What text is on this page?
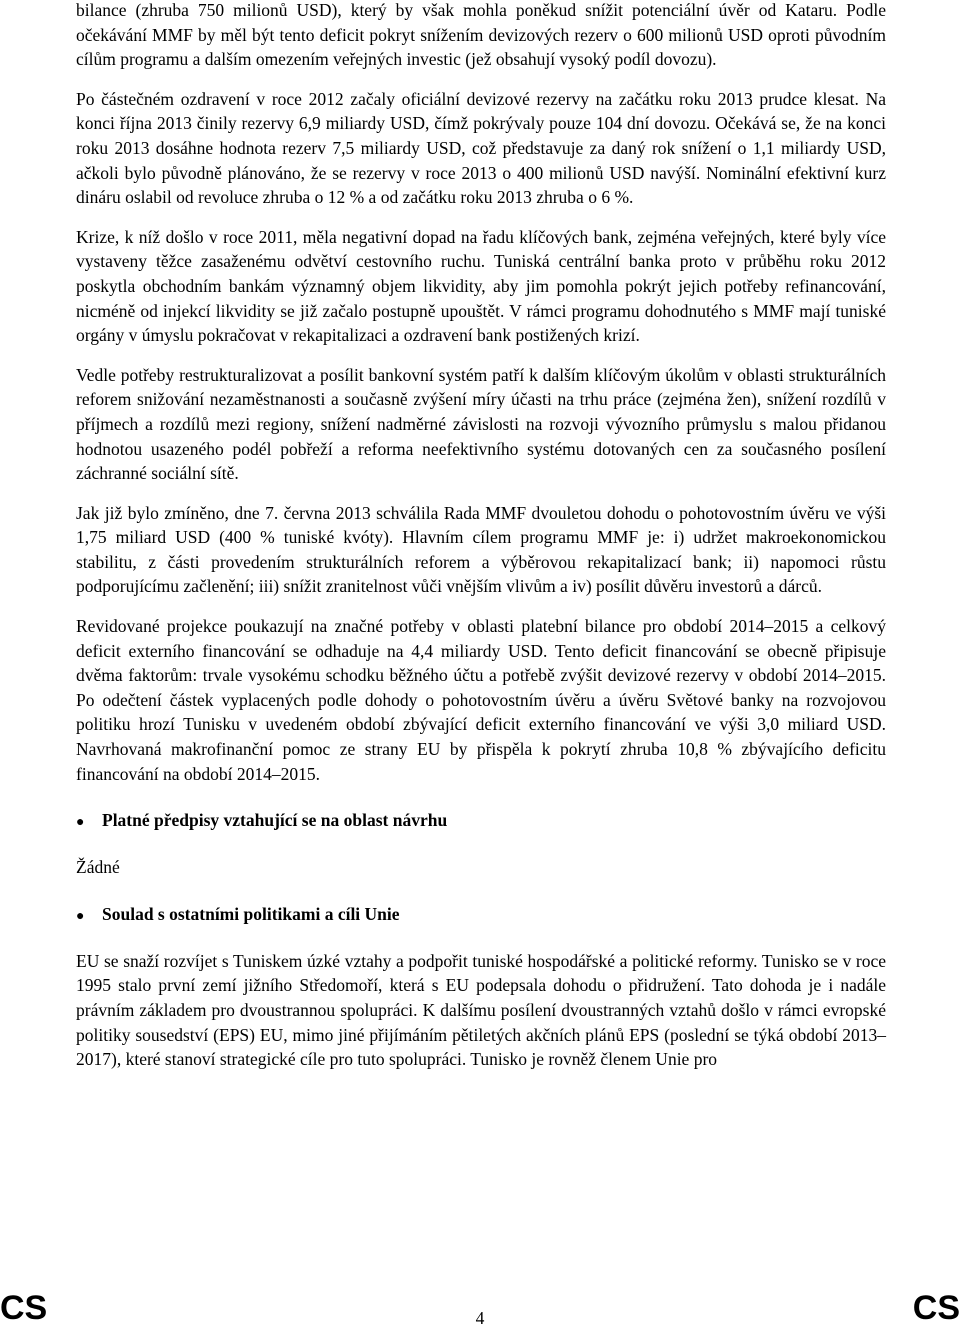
bilance (zhruba 750 milionů USD), který by však mohla poněkud snížit potenciální úvěr od Kataru. Podle očekávání MMF by měl být tento deficit pokryt snížením devizových rezerv o 600 milionů USD oproti původním cílům programu a dalším omezením veřejných investic (jež obsahují vysoký podíl dovozu).

Po částečném ozdravení v roce 2012 začaly oficiální devizové rezervy na začátku roku 2013 prudce klesat. Na konci října 2013 činily rezervy 6,9 miliardy USD, čímž pokrývaly pouze 104 dní dovozu. Očekává se, že na konci roku 2013 dosáhne hodnota rezerv 7,5 miliardy USD, což představuje za daný rok snížení o 1,1 miliardy USD, ačkoli bylo původně plánováno, že se rezervy v roce 2013 o 400 milionů USD navýší. Nominální efektivní kurz dináru oslabil od revoluce zhruba o 12 % a od začátku roku 2013 zhruba o 6 %.

Krize, k níž došlo v roce 2011, měla negativní dopad na řadu klíčových bank, zejména veřejných, které byly více vystaveny těžce zasaženému odvětví cestovního ruchu. Tuniská centrální banka proto v průběhu roku 2012 poskytla obchodním bankám významný objem likvidity, aby jim pomohla pokrýt jejich potřeby refinancování, nicméně od injekcí likvidity se již začalo postupně upouštět. V rámci programu dohodnutého s MMF mají tuniské orgány v úmyslu pokračovat v rekapitalizaci a ozdravení bank postižených krizí.

Vedle potřeby restrukturalizovat a posílit bankovní systém patří k dalším klíčovým úkolům v oblasti strukturálních reforem snižování nezaměstnanosti a současně zvýšení míry účasti na trhu práce (zejména žen), snížení rozdílů v příjmech a rozdílů mezi regiony, snížení nadměrné závislosti na rozvoji vývozního průmyslu s malou přidanou hodnotou usazeného podél pobřeží a reforma neefektivního systému dotovaných cen za současného posílení záchranné sociální sítě.

Jak již bylo zmíněno, dne 7. června 2013 schválila Rada MMF dvouletou dohodu o pohotovostním úvěru ve výši 1,75 miliard USD (400 % tuniské kvóty). Hlavním cílem programu MMF je: i) udržet makroekonomickou stabilitu, z části provedením strukturálních reforem a výběrovou rekapitalizací bank; ii) napomoci růstu podporujícímu začlenění; iii) snížit zranitelnost vůči vnějším vlivům a iv) posílit důvěru investorů a dárců.

Revidované projekce poukazují na značné potřeby v oblasti platební bilance pro období 2014–2015 a celkový deficit externího financování se odhaduje na 4,4 miliardy USD. Tento deficit financování se obecně připisuje dvěma faktorům: trvale vysokému schodku běžného účtu a potřebě zvýšit devizové rezervy v období 2014–2015. Po odečtení částek vyplacených podle dohody o pohotovostním úvěru a úvěru Světové banky na rozvojovou politiku hrozí Tunisku v uvedeném období zbývající deficit externího financování ve výši 3,0 miliard USD. Navrhovaná makrofinanční pomoc ze strany EU by přispěla k pokrytí zhruba 10,8 % zbývajícího deficitu financování na období 2014–2015.

●	Platné předpisy vztahující se na oblast návrhu

Žádné

●	Soulad s ostatními politikami a cíli Unie

EU se snaží rozvíjet s Tuniskem úzké vztahy a podpořit tuniské hospodářské a politické reformy. Tunisko se v roce 1995 stalo první zemí jižního Středomoří, která s EU podepsala dohodu o přidružení. Tato dohoda je i nadále právním základem pro dvoustrannou spolupráci. K dalšímu posílení dvoustranných vztahů došlo v rámci evropské politiky sousedství (EPS) EU, mimo jiné přijímáním pětiletých akčních plánů EPS (poslední se týká období 2013–2017), které stanoví strategické cíle pro tuto spolupráci. Tunisko je rovněž členem Unie pro

CS	4	CS
